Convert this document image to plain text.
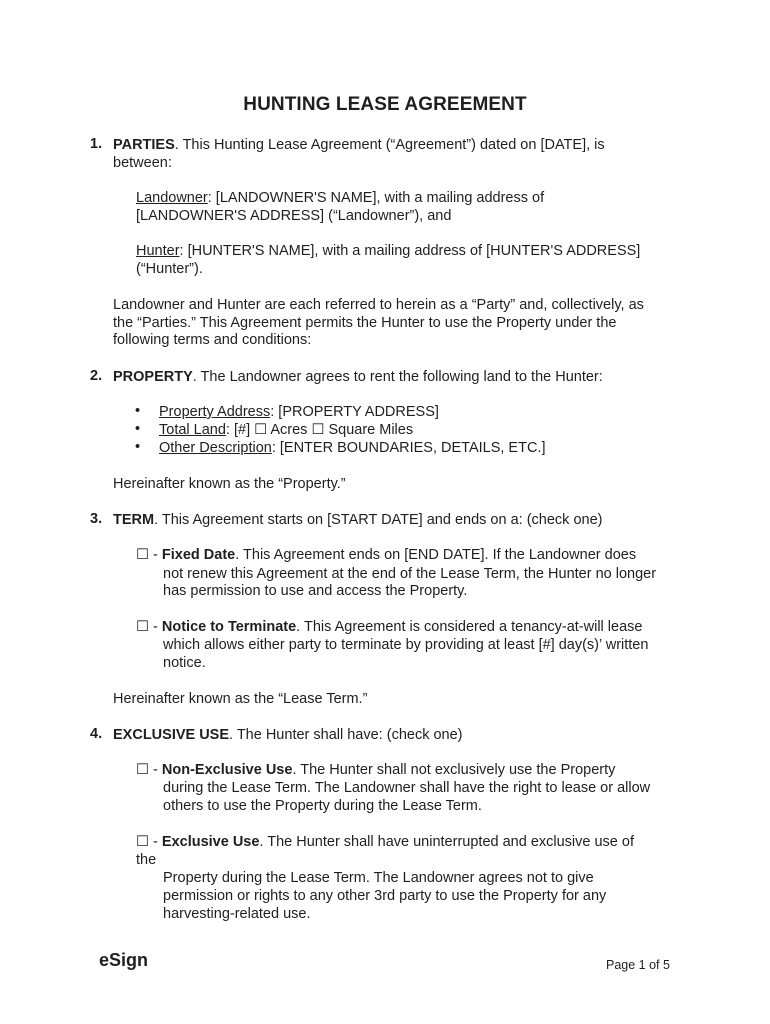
HUNTING LEASE AGREEMENT
1. PARTIES. This Hunting Lease Agreement (“Agreement”) dated on [DATE], is
between:
Landowner: [LANDOWNER'S NAME], with a mailing address of
[LANDOWNER'S ADDRESS] (“Landowner”), and
Hunter: [HUNTER'S NAME], with a mailing address of [HUNTER'S ADDRESS]
(“Hunter”).
Landowner and Hunter are each referred to herein as a “Party” and, collectively, as
the “Parties.” This Agreement permits the Hunter to use the Property under the
following terms and conditions:
2. PROPERTY. The Landowner agrees to rent the following land to the Hunter:
• Property Address: [PROPERTY ADDRESS]
• Total Land: [#] ☐ Acres ☐ Square Miles
• Other Description: [ENTER BOUNDARIES, DETAILS, ETC.]
Hereinafter known as the “Property.”
3. TERM. This Agreement starts on [START DATE] and ends on a: (check one)
☐ - Fixed Date. This Agreement ends on [END DATE]. If the Landowner does
not renew this Agreement at the end of the Lease Term, the Hunter no longer
has permission to use and access the Property.
☐ - Notice to Terminate. This Agreement is considered a tenancy-at-will lease
which allows either party to terminate by providing at least [#] day(s)’ written
notice.
Hereinafter known as the “Lease Term.”
4. EXCLUSIVE USE. The Hunter shall have: (check one)
☐ - Non-Exclusive Use. The Hunter shall not exclusively use the Property
during the Lease Term. The Landowner shall have the right to lease or allow
others to use the Property during the Lease Term.
☐ - Exclusive Use. The Hunter shall have uninterrupted and exclusive use of
the
Property during the Lease Term. The Landowner agrees not to give
permission or rights to any other 3rd party to use the Property for any
harvesting-related use.
eSign	Page 1 of 5
